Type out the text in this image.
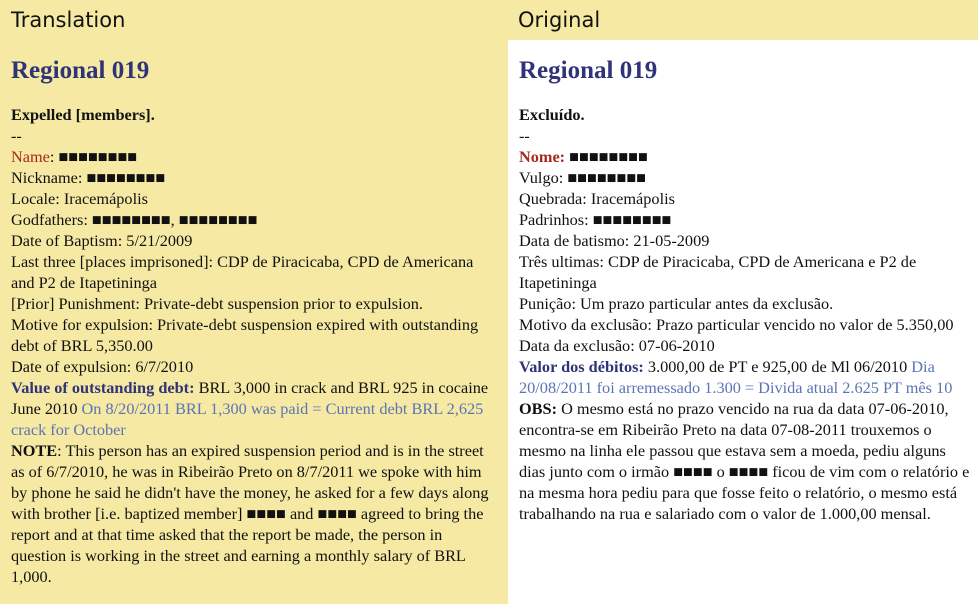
Translation	Original
Regional 019

Expelled [members].

--

Name: ■■■■■■■■

Nickname: ■■■■■■■■

Locale: Iracemápolis

Godfathers: ■■■■■■■■, ■■■■■■■■

Date of Baptism: 5/21/2009

Last three [places imprisoned]: CDP de Piracicaba, CPD de Americana and P2 de Itapetininga

[Prior] Punishment: Private-debt suspension prior to expulsion.

Motive for expulsion: Private-debt suspension expired with outstanding debt of BRL 5,350.00

Date of expulsion: 6/7/2010

Value of outstanding debt: BRL 3,000 in crack and BRL 925 in cocaine June 2010 On 8/20/2011 BRL 1,300 was paid = Current debt BRL 2,625 crack for October

NOTE: This person has an expired suspension period and is in the street as of 6/7/2010, he was in Ribeirão Preto on 8/7/2011 we spoke with him by phone he said he didn't have the money, he asked for a few days along with brother [i.e. baptized member] ■■■■ and ■■■■ agreed to bring the report and at that time asked that the report be made, the person in question is working in the street and earning a monthly salary of BRL 1,000.

Regional 019

Excluído.

--

Nome: ■■■■■■■■

Vulgo: ■■■■■■■■

Quebrada: Iracemápolis

Padrinhos: ■■■■■■■■

Data de batismo: 21-05-2009

Três ultimas: CDP de Piracicaba, CPD de Americana e P2 de Itapetininga

Punição: Um prazo particular antes da exclusão.

Motivo da exclusão: Prazo particular vencido no valor de 5.350,00

Data da exclusão: 07-06-2010

Valor dos débitos: 3.000,00 de PT e 925,00 de Ml 06/2010 Dia 20/08/2011 foi arremessado 1.300 = Divida atual 2.625 PT mês 10

OBS: O mesmo está no prazo vencido na rua da data 07-06-2010, encontra-se em Ribeirão Preto na data 07-08-2011 trouxemos o mesmo na linha ele passou que estava sem a moeda, pediu alguns dias junto com o irmão ■■■■ o ■■■■ ficou de vim com o relatório e na mesma hora pediu para que fosse feito o relatório, o mesmo está trabalhando na rua e salariado com o valor de 1.000,00 mensal.
